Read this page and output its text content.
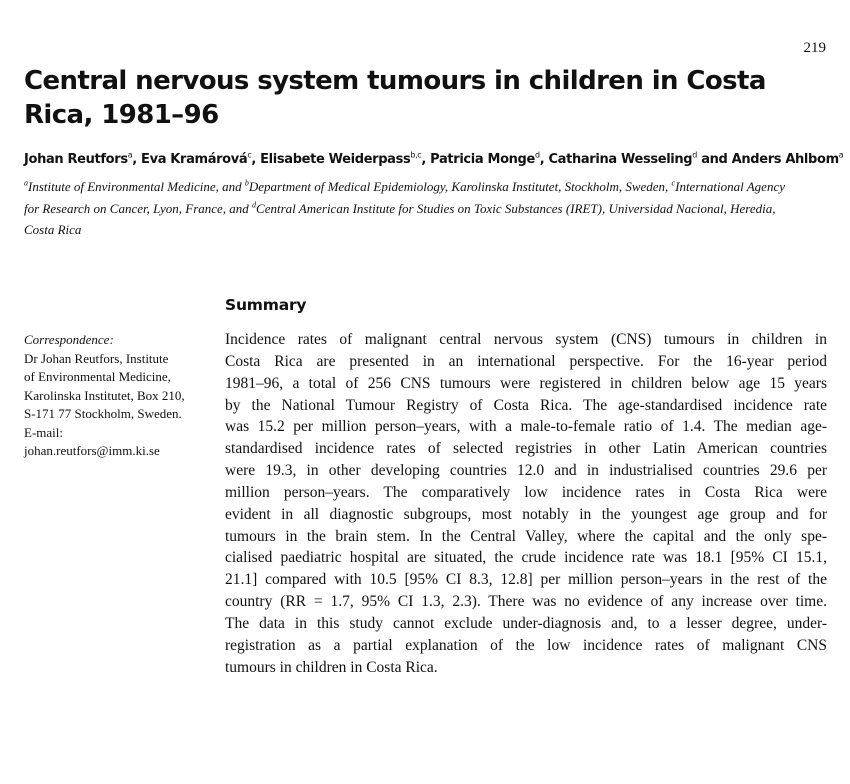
219
Central nervous system tumours in children in Costa Rica, 1981–96
Johan Reutfors$^a$, Eva Kramárová$^c$, Elisabete Weiderpass$^{b,c}$, Patricia Monge$^d$, Catharina Wesseling$^d$ and Anders Ahlbom$^a$
$^a$Institute of Environmental Medicine, and $^b$Department of Medical Epidemiology, Karolinska Institutet, Stockholm, Sweden, $^c$International Agency
for Research on Cancer, Lyon, France, and $^d$Central American Institute for Studies on Toxic Substances (IRET), Universidad Nacional, Heredia,
Costa Rica
Summary
Correspondence:
Dr Johan Reutfors, Institute
of Environmental Medicine,
Karolinska Institutet, Box 210,
S-171 77 Stockholm, Sweden.
E-mail:
johan.reutfors@imm.ki.se
Incidence rates of malignant central nervous system (CNS) tumours in children in
Costa Rica are presented in an international perspective. For the 16-year period
1981–96, a total of 256 CNS tumours were registered in children below age 15 years
by the National Tumour Registry of Costa Rica. The age-standardised incidence rate
was 15.2 per million person–years, with a male-to-female ratio of 1.4. The median age-
standardised incidence rates of selected registries in other Latin American countries
were 19.3, in other developing countries 12.0 and in industrialised countries 29.6 per
million person–years. The comparatively low incidence rates in Costa Rica were
evident in all diagnostic subgroups, most notably in the youngest age group and for
tumours in the brain stem. In the Central Valley, where the capital and the only spe-
cialised paediatric hospital are situated, the crude incidence rate was 18.1 [95% CI 15.1,
21.1] compared with 10.5 [95% CI 8.3, 12.8] per million person–years in the rest of the
country (RR = 1.7, 95% CI 1.3, 2.3). There was no evidence of any increase over time.
The data in this study cannot exclude under-diagnosis and, to a lesser degree, under-
registration as a partial explanation of the low incidence rates of malignant CNS
tumours in children in Costa Rica.
